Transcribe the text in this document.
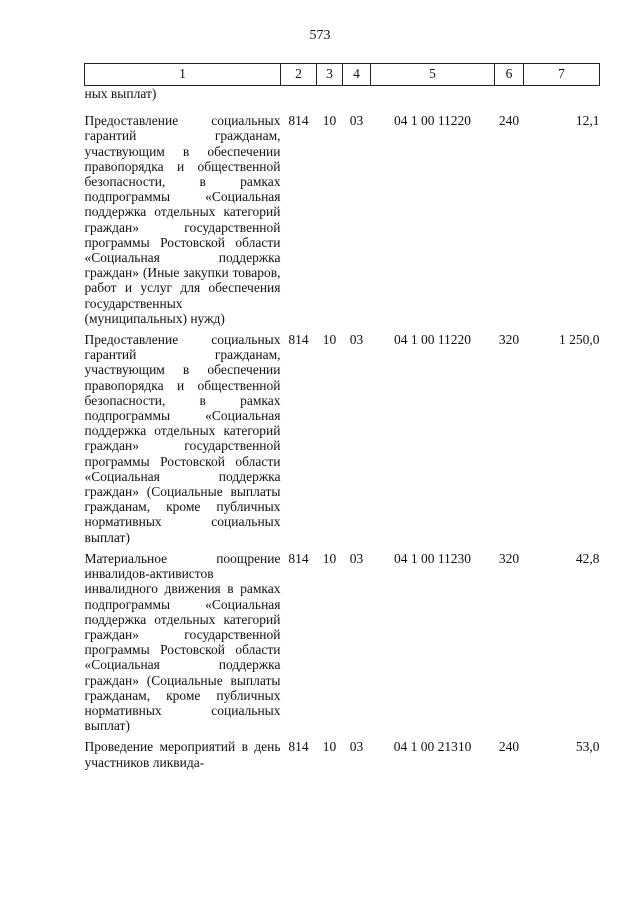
573
1	2	3	4	5	6	7
ных выплат)						
Предоставление социальных гарантий гражданам, участвующим в обеспечении правопорядка и общественной безопасности, в рамках подпрограммы «Социальная поддержка отдельных категорий граждан» государственной программы Ростовской области «Социальная поддержка граждан» (Иные закупки товаров, работ и услуг для обеспечения государственных (муниципальных) нужд)	814	10	03	04 1 00 11220	240	12,1
Предоставление социальных гарантий гражданам, участвующим в обеспечении правопорядка и общественной безопасности, в рамках подпрограммы «Социальная поддержка отдельных категорий граждан» государственной программы Ростовской области «Социальная поддержка граждан» (Социальные выплаты гражданам, кроме публичных нормативных социальных выплат)	814	10	03	04 1 00 11220	320	1 250,0
Материальное поощрение инвалидов-активистов инвалидного движения в рамках подпрограммы «Социальная поддержка отдельных категорий граждан» государственной программы Ростовской области «Социальная поддержка граждан» (Социальные выплаты гражданам, кроме публичных нормативных социальных выплат)	814	10	03	04 1 00 11230	320	42,8
Проведение мероприятий в день участников ликвида-	814	10	03	04 1 00 21310	240	53,0
